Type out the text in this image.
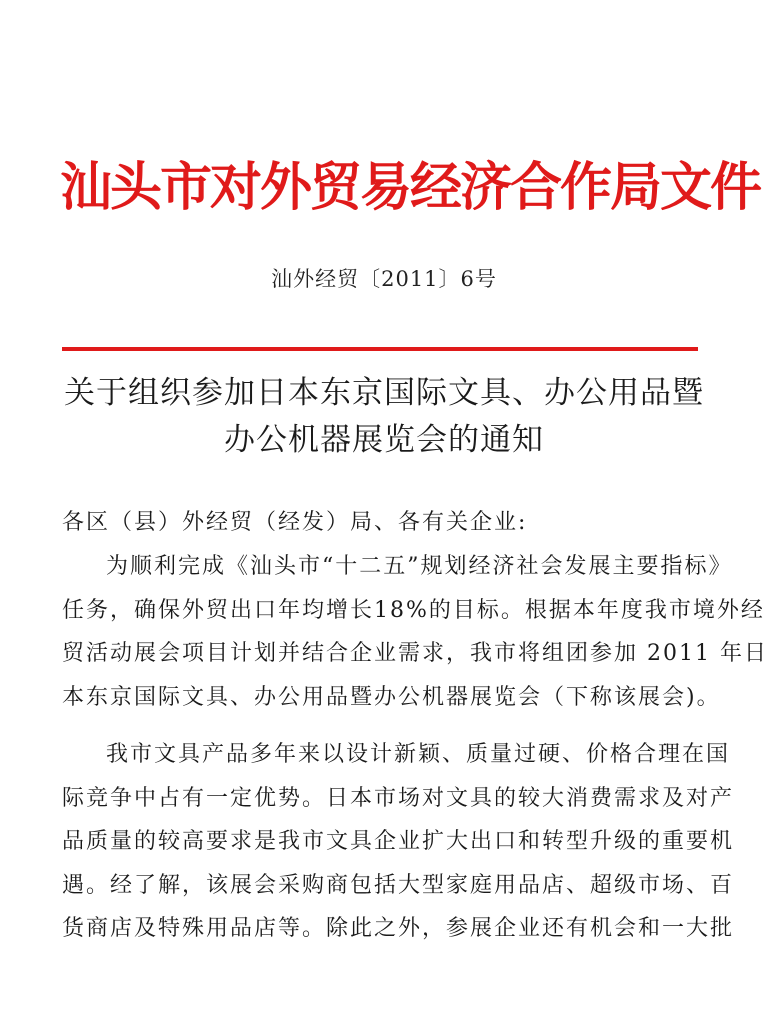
汕头市对外贸易经济合作局文件
汕外经贸〔2011〕6号
关于组织参加日本东京国际文具、办公用品暨
办公机器展览会的通知
各区（县）外经贸（经发）局、各有关企业:
为顺利完成《汕头市“十二五”规划经济社会发展主要指标》
任务，确保外贸出口年均增长18%的目标。根据本年度我市境外经
贸活动展会项目计划并结合企业需求，我市将组团参加 2011 年日
本东京国际文具、办公用品暨办公机器展览会（下称该展会)。
我市文具产品多年来以设计新颖、质量过硬、价格合理在国
际竞争中占有一定优势。日本市场对文具的较大消费需求及对产
品质量的较高要求是我市文具企业扩大出口和转型升级的重要机
遇。经了解，该展会采购商包括大型家庭用品店、超级市场、百
货商店及特殊用品店等。除此之外，参展企业还有机会和一大批
